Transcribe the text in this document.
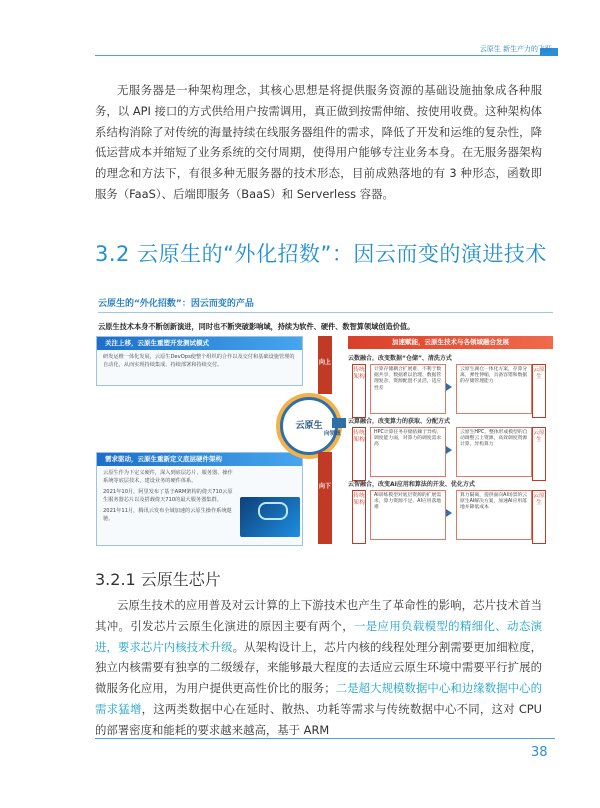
云原生 新生产力的飞跃

无服务器是一种架构理念，其核心思想是将提供服务资源的基础设施抽象成各种服务，以 API 接口的方式供给用户按需调用，真正做到按需伸缩、按使用收费。这种架构体系结构消除了对传统的海量持续在线服务器组件的需求，降低了开发和运维的复杂性，降低运营成本并缩短了业务系统的交付周期，使得用户能够专注业务本身。在无服务器架构的理念和方法下，有很多种无服务器的技术形态，目前成熟落地的有 3 种形态，函数即服务（FaaS）、后端即服务（BaaS）和 Serverless 容器。

3.2 云原生的“外化招数”：因云而变的演进技术
云原生的“外化招数”：因云而变的产品
云原生技术本身不断创新演进，同时也不断突破影响域，持续为软件、硬件、数智算领域创造价值。
关注上移，云原生重塑开发测试模式
研发运维一体化发展，云原生DevOps使整个组织的合作以及交付和基础设施管理的自动化，从而实现持续集成、持续部署和持续交付。
需求驱动，云原生重新定义底层硬件架构
云原生作为下定义硬件，深入到底层芯片、服务器、操作系统等底层技术，建设业务的硬件体系。
2021年10月，阿里发布了基于ARM架构的倚天710云原生服务器芯片以及搭载倚天710的最大服务器集群。
2021年11月，腾讯云发布全域加速的云原生操作系统遨驰。
向上
云原生
向领域
向下
加速赋能，云原生技术与各领域融合发展
云数融合，改变数据“仓储”、清洗方式
传统架构
计算存储耦合扩展难、不利于数据共享、数据难以治理、数据管理复杂、资源配置不灵活，适应性差
云原生湖仓一体化方案，存算分离，弹性伸缩，具备容错和数据的存储管理能力
云原生
云算融合，改变算力的获取、分配方式
传统架构
HPC计算任务存储依赖于异构、调度能力弱，对算力的调度需求高
云原生HPC，整体形成模型的自动调整云上资源，高效调度资源计算，异构算力
云原生
云智融合，改变AI应用和算法的开发、优化方式
传统架构
AI训练模型对底层资源的扩展需求，算力资源不足、AI应用落地难
算力隔离，提供面向AI场景的云原生AI解决方案，加速AI应用落地并降低成本
云原生
3.2.1 云原生芯片

云原生技术的应用普及对云计算的上下游技术也产生了革命性的影响，芯片技术首当其冲。引发芯片云原生化演进的原因主要有两个，一是应用负载模型的精细化、动态演进，要求芯片内核技术升级。从架构设计上，芯片内核的线程处理分割需要更加细粒度，独立内核需要有独享的二级缓存，来能够最大程度的去适应云原生环境中需要平行扩展的微服务化应用，为用户提供更高性价比的服务；二是超大规模数据中心和边缘数据中心的需求猛增，这两类数据中心在延时、散热、功耗等需求与传统数据中心不同，这对 CPU 的部署密度和能耗的要求越来越高，基于 ARM

38
